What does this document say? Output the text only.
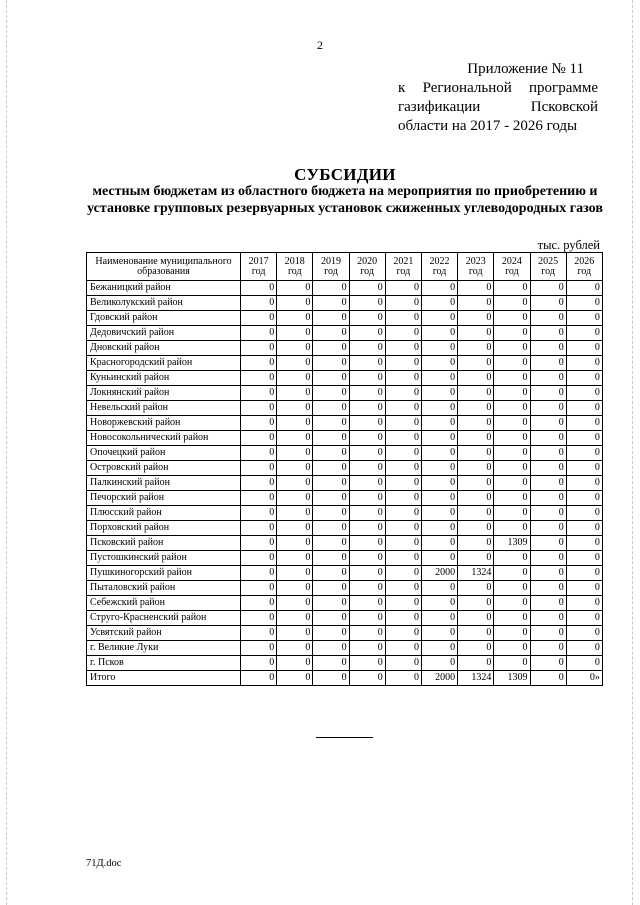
2
Приложение № 11
к Региональной программе
газификации	Псковской
области на 2017 - 2026 годы
СУБСИДИИ
местным бюджетам из областного бюджета на мероприятия по приобретению и установке групповых резервуарных установок сжиженных углеводородных газов
тыс. рублей
Наименование муниципального образования	2017 год	2018 год	2019 год	2020 год	2021 год	2022 год	2023 год	2024 год	2025 год	2026 год
Бежаницкий район	0	0	0	0	0	0	0	0	0	0
Великолукский район	0	0	0	0	0	0	0	0	0	0
Гдовский район	0	0	0	0	0	0	0	0	0	0
Дедовичский район	0	0	0	0	0	0	0	0	0	0
Дновский район	0	0	0	0	0	0	0	0	0	0
Красногородский район	0	0	0	0	0	0	0	0	0	0
Куньинский район	0	0	0	0	0	0	0	0	0	0
Локнянский район	0	0	0	0	0	0	0	0	0	0
Невельский район	0	0	0	0	0	0	0	0	0	0
Новоржевский район	0	0	0	0	0	0	0	0	0	0
Новосокольнический район	0	0	0	0	0	0	0	0	0	0
Опочецкий район	0	0	0	0	0	0	0	0	0	0
Островский район	0	0	0	0	0	0	0	0	0	0
Палкинский район	0	0	0	0	0	0	0	0	0	0
Печорский район	0	0	0	0	0	0	0	0	0	0
Плюсский район	0	0	0	0	0	0	0	0	0	0
Порховский район	0	0	0	0	0	0	0	0	0	0
Псковский район	0	0	0	0	0	0	0	1309	0	0
Пустошкинский район	0	0	0	0	0	0	0	0	0	0
Пушкиногорский район	0	0	0	0	0	2000	1324	0	0	0
Пыталовский район	0	0	0	0	0	0	0	0	0	0
Себежский район	0	0	0	0	0	0	0	0	0	0
Струго-Красненский район	0	0	0	0	0	0	0	0	0	0
Усвятский район	0	0	0	0	0	0	0	0	0	0
г. Великие Луки	0	0	0	0	0	0	0	0	0	0
г. Псков	0	0	0	0	0	0	0	0	0	0
Итого	0	0	0	0	0	2000	1324	1309	0	0»
71Д.doc
